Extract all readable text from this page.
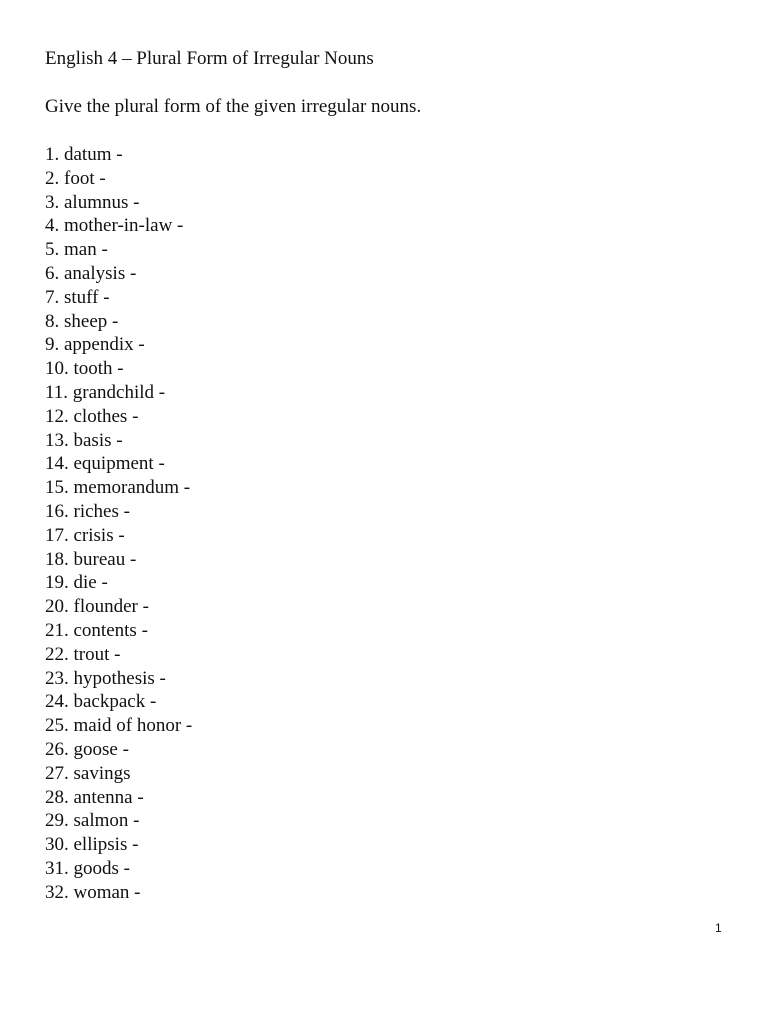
English 4 – Plural Form of Irregular Nouns
Give the plural form of the given irregular nouns.
1. datum -
2. foot -
3. alumnus -
4. mother-in-law -
5. man -
6. analysis -
7. stuff -
8. sheep -
9. appendix -
10. tooth -
11. grandchild -
12. clothes -
13. basis -
14. equipment -
15. memorandum -
16. riches -
17. crisis -
18. bureau -
19. die -
20. flounder -
21. contents -
22. trout -
23. hypothesis -
24. backpack -
25. maid of honor -
26. goose -
27. savings
28. antenna -
29. salmon -
30. ellipsis -
31. goods -
32. woman -
1
